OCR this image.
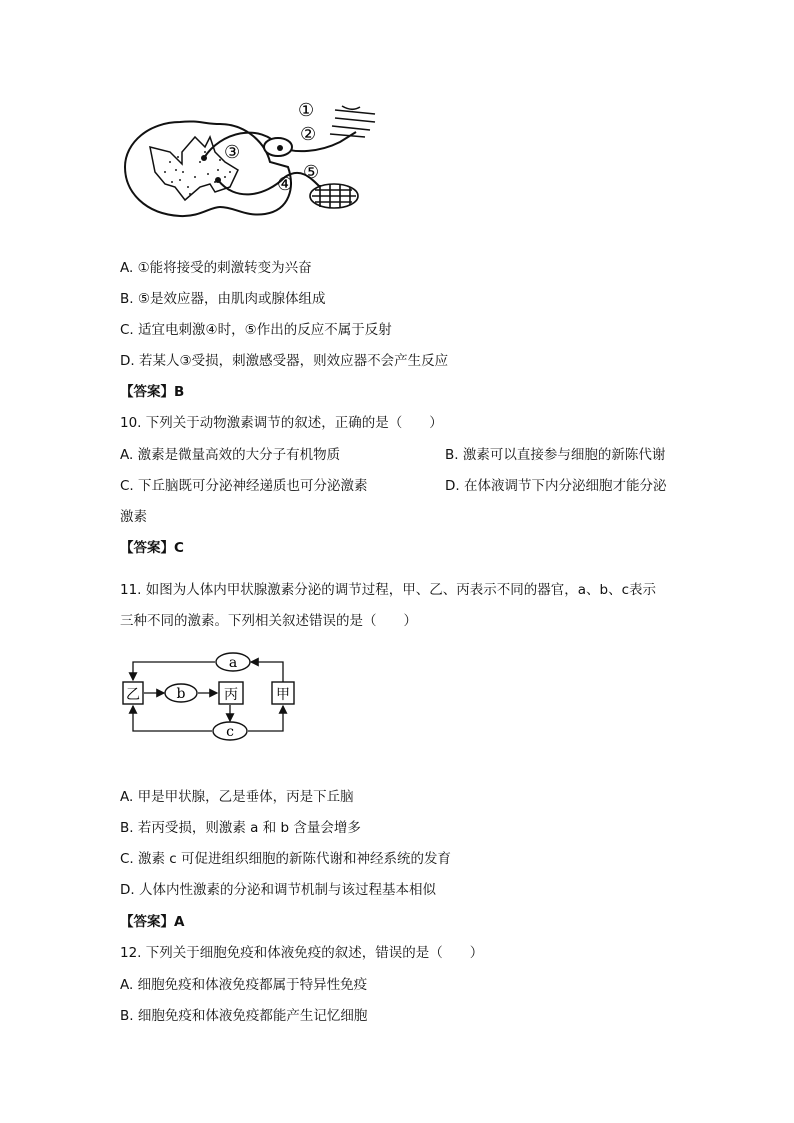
①
②
③
④
⑤
A. ①能将接受的刺激转变为兴奋
B. ⑤是效应器，由肌肉或腺体组成
C. 适宜电刺激④时，⑤作出的反应不属于反射
D. 若某人③受损，刺激感受器，则效应器不会产生反应
【答案】B
10. 下列关于动物激素调节的叙述，正确的是（　　）
A. 激素是微量高效的大分子有机物质	B. 激素可以直接参与细胞的新陈代谢
C. 下丘脑既可分泌神经递质也可分泌激素	D. 在体液调节下内分泌细胞才能分泌
激素
【答案】C
11. 如图为人体内甲状腺激素分泌的调节过程，甲、乙、丙表示不同的器官，a、b、c表示
三种不同的激素。下列相关叙述错误的是（　　）
乙	丙	甲
a
b
c
A. 甲是甲状腺，乙是垂体，丙是下丘脑
B. 若丙受损，则激素 a 和 b 含量会增多
C. 激素 c 可促进组织细胞的新陈代谢和神经系统的发育
D. 人体内性激素的分泌和调节机制与该过程基本相似
【答案】A
12. 下列关于细胞免疫和体液免疫的叙述，错误的是（　　）
A. 细胞免疫和体液免疫都属于特异性免疫
B. 细胞免疫和体液免疫都能产生记忆细胞
